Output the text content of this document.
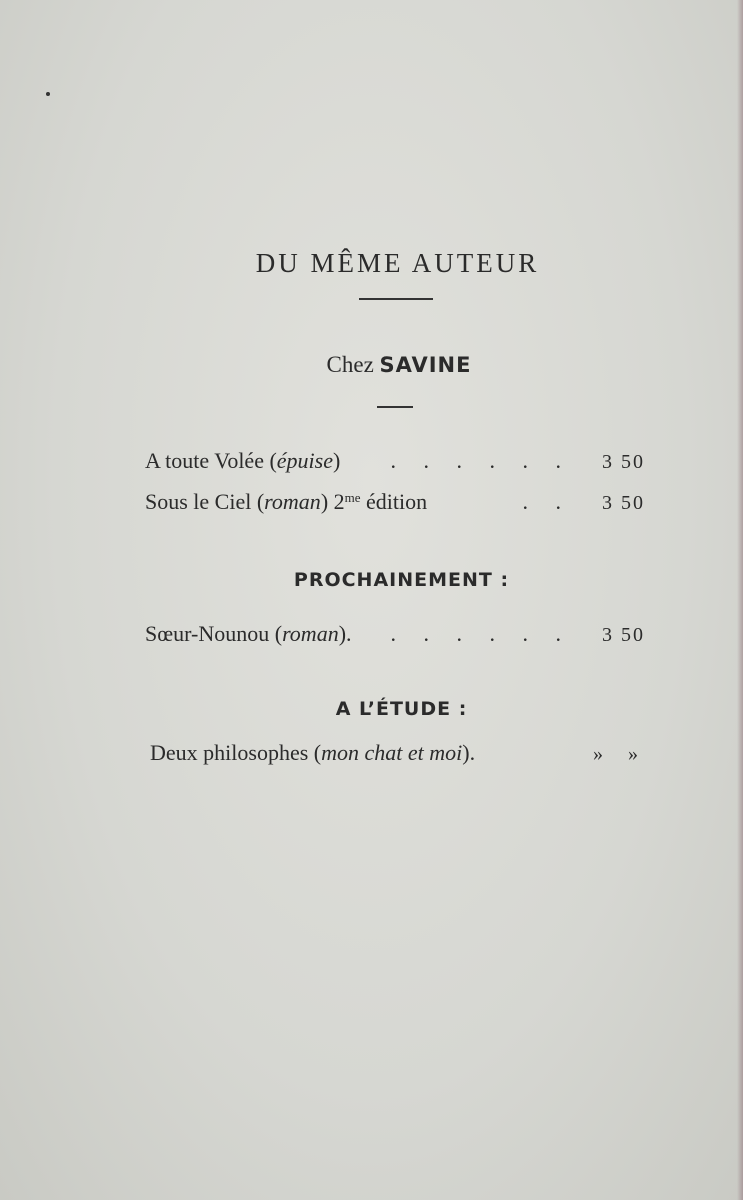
DU MÊME AUTEUR
Chez SAVINE
A toute Volée (épuise)	. . . . . .	3 50
Sous le Ciel (roman) $2^{me}$ édition	. .	3 50
PROCHAINEMENT :
Sœur-Nounou (roman).	. . . . . .	3 50
A L’ÉTUDE :
Deux philosophes (mon chat et moi).	» »
